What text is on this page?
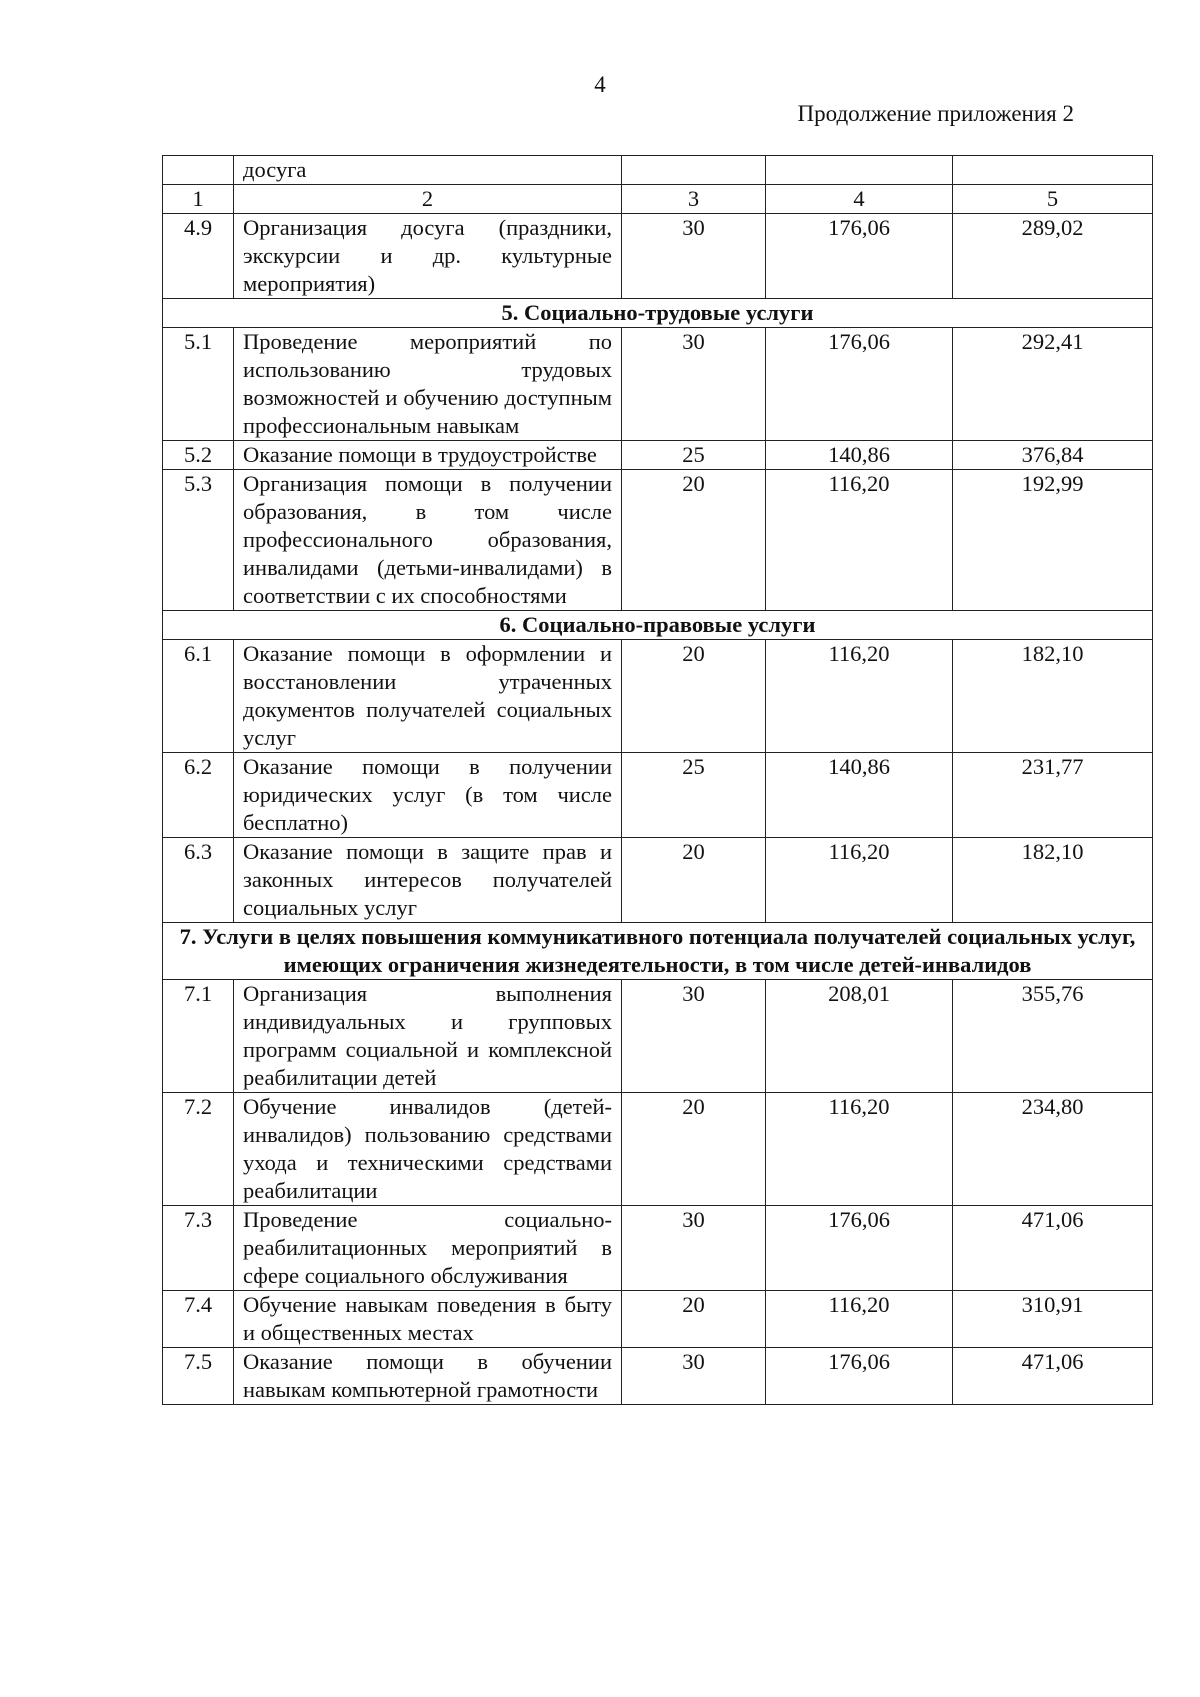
4
Продолжение приложения 2
	досуга			
1	2	3	4	5
4.9	Организация досуга (праздники, экскурсии и др. культурные мероприятия)	30	176,06	289,02
5. Социально-трудовые услуги				
5.1	Проведение мероприятий по использованию трудовых возможностей и обучению доступным профессиональным навыкам	30	176,06	292,41
5.2	Оказание помощи в трудоустройстве	25	140,86	376,84
5.3	Организация помощи в получении образования, в том числе профессионального образования, инвалидами (детьми-инвалидами) в соответствии с их способностями	20	116,20	192,99
6. Социально-правовые услуги				
6.1	Оказание помощи в оформлении и восстановлении утраченных документов получателей социальных услуг	20	116,20	182,10
6.2	Оказание помощи в получении юридических услуг (в том числе бесплатно)	25	140,86	231,77
6.3	Оказание помощи в защите прав и законных интересов получателей социальных услуг	20	116,20	182,10
7. Услуги в целях повышения коммуникативного потенциала получателей социальных услуг, имеющих ограничения жизнедеятельности, в том числе детей-инвалидов				
7.1	Организация выполнения индивидуальных и групповых программ социальной и комплексной реабилитации детей	30	208,01	355,76
7.2	Обучение инвалидов (детей-инвалидов) пользованию средствами ухода и техническими средствами реабилитации	20	116,20	234,80
7.3	Проведение социально-реабилитационных мероприятий в сфере социального обслуживания	30	176,06	471,06
7.4	Обучение навыкам поведения в быту и общественных местах	20	116,20	310,91
7.5	Оказание помощи в обучении навыкам компьютерной грамотности	30	176,06	471,06
